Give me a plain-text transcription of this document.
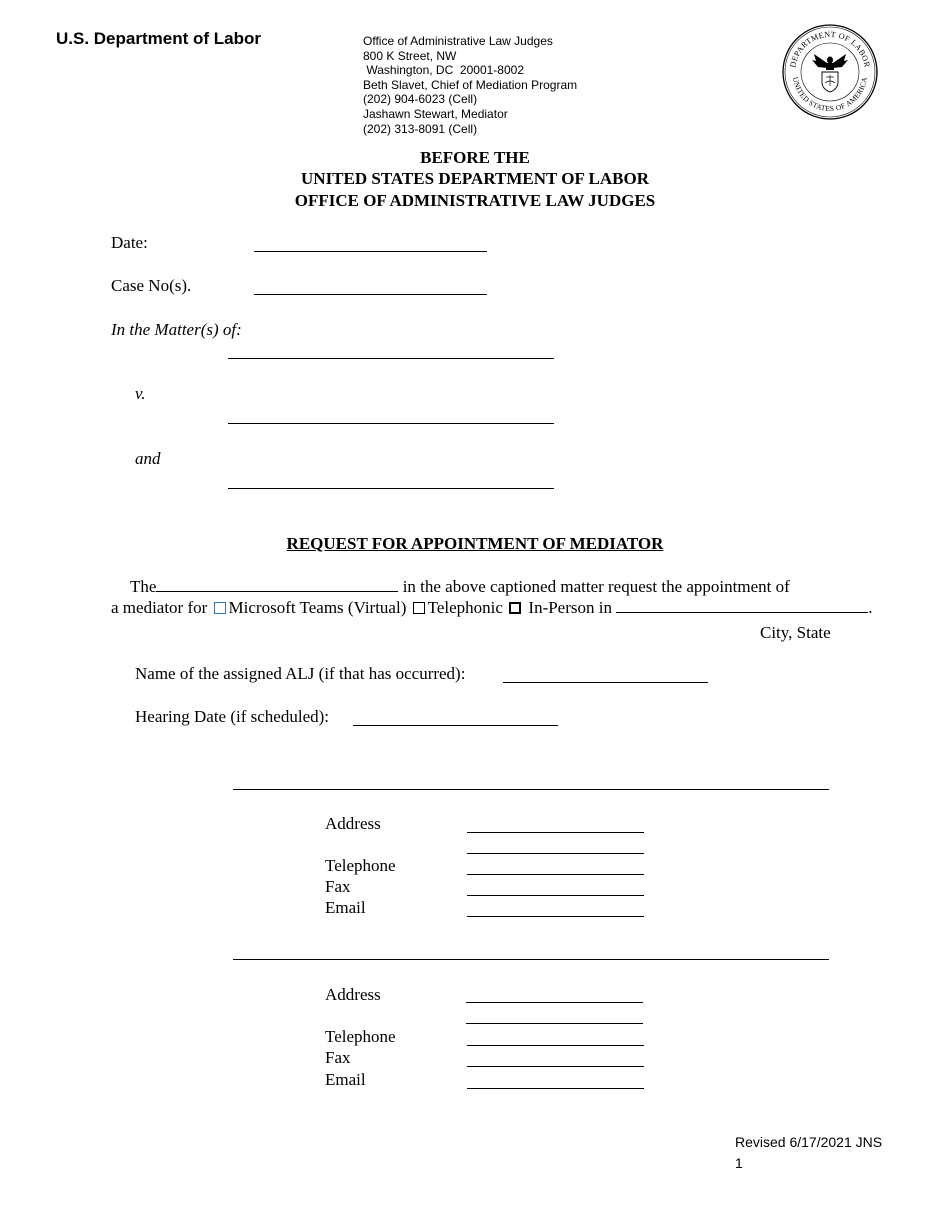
U.S. Department of Labor	Office of Administrative Law Judges
800 K Street, NW
Washington, DC  20001-8002
Beth Slavet, Chief of Mediation Program
(202) 904-6023 (Cell)
Jashawn Stewart, Mediator
(202) 313-8091 (Cell)
DEPARTMENT OF LABOR
UNITED STATES OF AMERICA
BEFORE THE
UNITED STATES DEPARTMENT OF LABOR
OFFICE OF ADMINISTRATIVE LAW JUDGES
Date:
Case No(s).
In the Matter(s) of:
v.
and
REQUEST FOR APPOINTMENT OF MEDIATOR
The	in the above captioned matter request the appointment of
a mediator for Microsoft Teams (Virtual) Telephonic In-Person in	.
City, State
Name of the assigned ALJ (if that has occurred):
Hearing Date (if scheduled):
Address
Telephone
Fax
Email
Address
Telephone
Fax
Email
Revised 6/17/2021 JNS
1
